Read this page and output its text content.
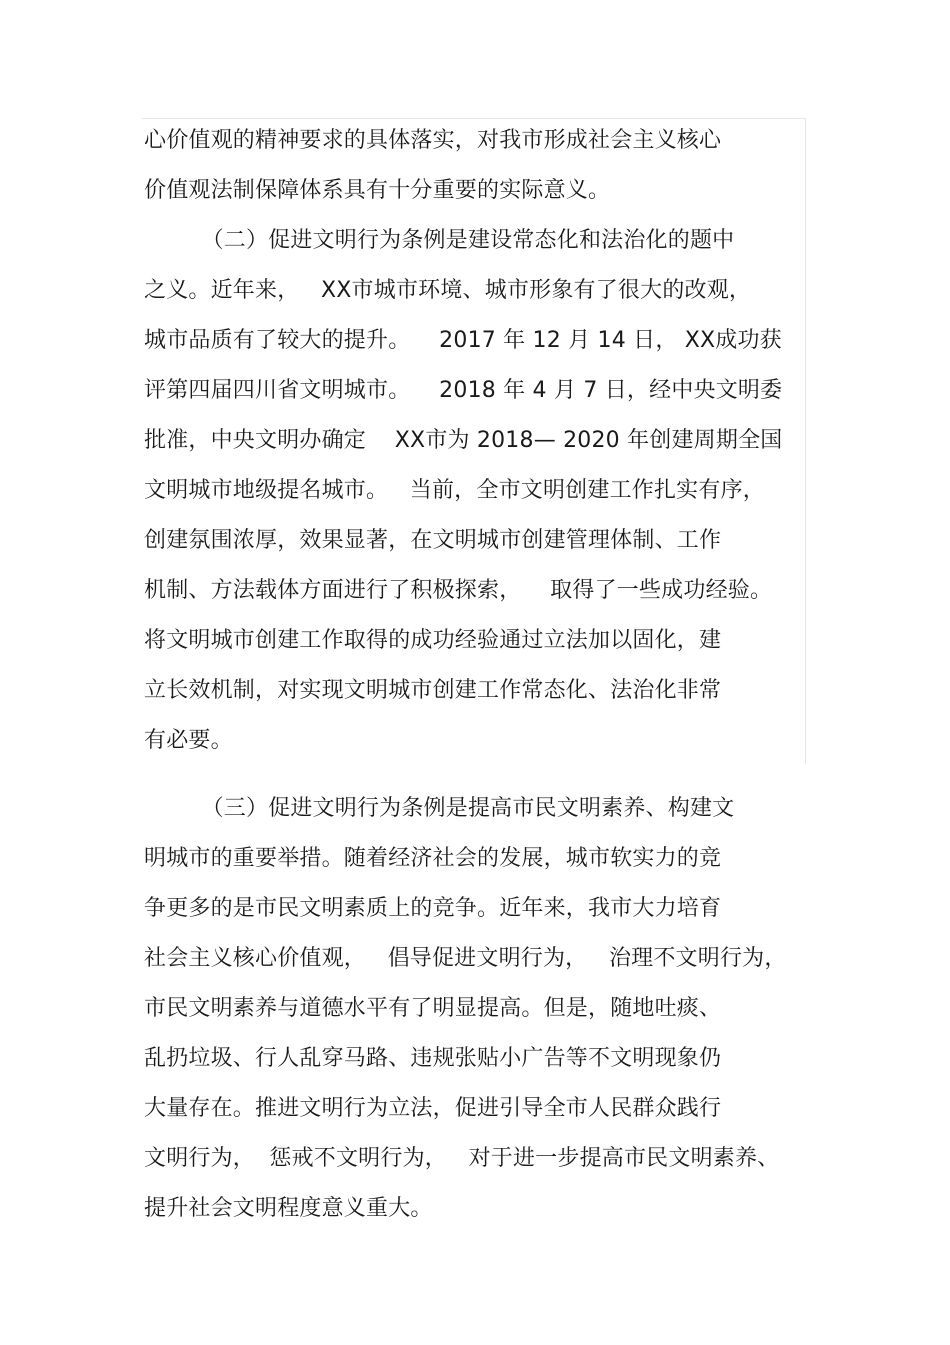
心价值观的精神要求的具体落实，对我市形成社会主义核心
价值观法制保障体系具有十分重要的实际意义。
（二）促进文明行为条例是建设常态化和法治化的题中
之义。近年来，   XX市城市环境、城市形象有了很大的改观，
城市品质有了较大的提升。    2017 年 12 月 14 日， XX成功获
评第四届四川省文明城市。    2018 年 4 月 7 日，经中央文明委
批准，中央文明办确定    XX市为 2018— 2020 年创建周期全国
文明城市地级提名城市。   当前，全市文明创建工作扎实有序，
创建氛围浓厚，效果显著，在文明城市创建管理体制、工作
机制、方法载体方面进行了积极探索，    取得了一些成功经验。
将文明城市创建工作取得的成功经验通过立法加以固化，建
立长效机制，对实现文明城市创建工作常态化、法治化非常
有必要。
（三）促进文明行为条例是提高市民文明素养、构建文
明城市的重要举措。随着经济社会的发展，城市软实力的竞
争更多的是市民文明素质上的竞争。近年来，我市大力培育
社会主义核心价值观，   倡导促进文明行为，   治理不文明行为，
市民文明素养与道德水平有了明显提高。但是，随地吐痰、
乱扔垃圾、行人乱穿马路、违规张贴小广告等不文明现象仍
大量存在。推进文明行为立法，促进引导全市人民群众践行
文明行为，  惩戒不文明行为，   对于进一步提高市民文明素养、
提升社会文明程度意义重大。
